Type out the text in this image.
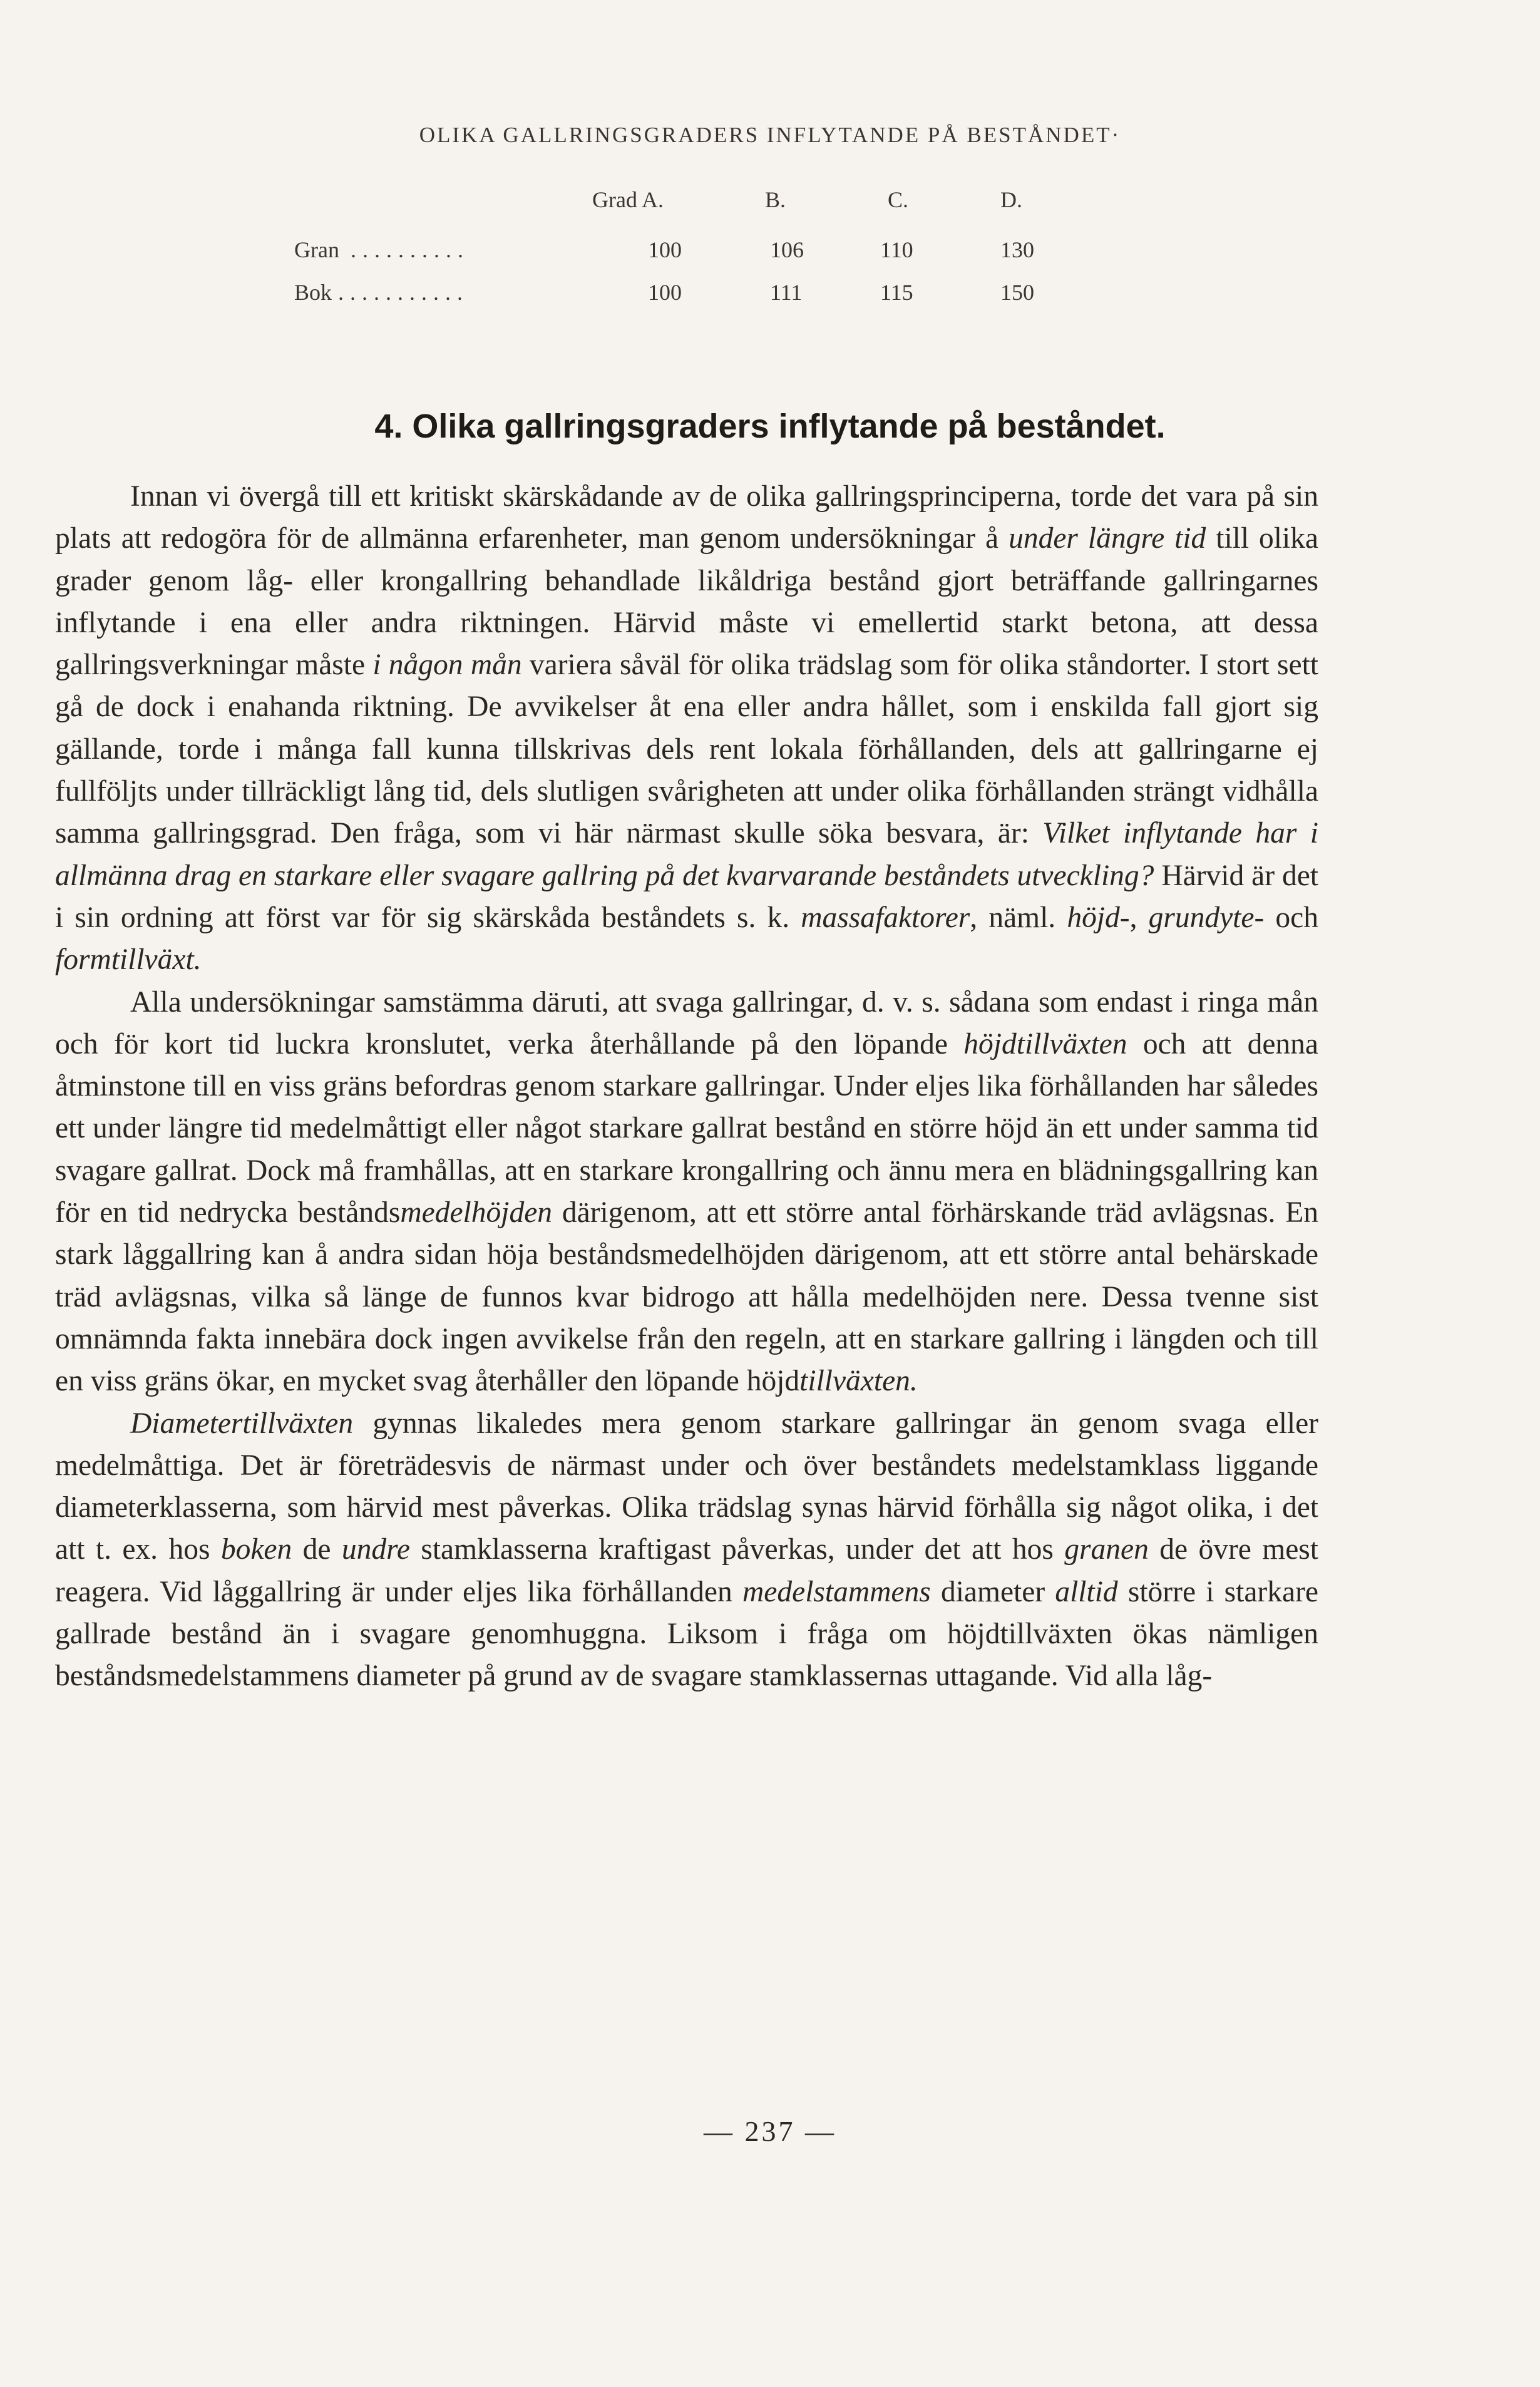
OLIKA GALLRINGSGRADERS INFLYTANDE PÅ BESTÅNDET·
Grad A.	B.	C.	D.
Gran ..........	100	106	110	130
Bok ...........	100	111	115	150
4. Olika gallringsgraders inflytande på beståndet.

Innan vi övergå till ett kritiskt skärskådande av de olika gallringsprinciperna, torde det vara på sin plats att redogöra för de allmänna erfarenheter, man genom undersökningar å under längre tid till olika grader genom låg- eller krongallring behandlade likåldriga bestånd gjort beträffande gallringarnes inflytande i ena eller andra riktningen. Härvid måste vi emellertid starkt betona, att dessa gallringsverkningar måste i någon mån variera såväl för olika trädslag som för olika ståndorter. I stort sett gå de dock i enahanda riktning. De avvikelser åt ena eller andra hållet, som i enskilda fall gjort sig gällande, torde i många fall kunna tillskrivas dels rent lokala förhållanden, dels att gallringarne ej fullföljts under tillräckligt lång tid, dels slutligen svårigheten att under olika förhållanden strängt vidhålla samma gallringsgrad. Den fråga, som vi här närmast skulle söka besvara, är: Vilket inflytande har i allmänna drag en starkare eller svagare gallring på det kvarvarande beståndets utveckling? Härvid är det i sin ordning att först var för sig skärskåda beståndets s. k. massafaktorer, näml. höjd-, grundyte- och formtillväxt.

Alla undersökningar samstämma däruti, att svaga gallringar, d. v. s. sådana som endast i ringa mån och för kort tid luckra kronslutet, verka återhållande på den löpande höjdtillväxten och att denna åtminstone till en viss gräns befordras genom starkare gallringar. Under eljes lika förhållanden har således ett under längre tid medelmåttigt eller något starkare gallrat bestånd en större höjd än ett under samma tid svagare gallrat. Dock må framhållas, att en starkare krongallring och ännu mera en blädningsgallring kan för en tid nedrycka beståndsmedelhöjden därigenom, att ett större antal förhärskande träd avlägsnas. En stark låggallring kan å andra sidan höja beståndsmedelhöjden därigenom, att ett större antal behärskade träd avlägsnas, vilka så länge de funnos kvar bidrogo att hålla medelhöjden nere. Dessa tvenne sist omnämnda fakta innebära dock ingen avvikelse från den regeln, att en starkare gallring i längden och till en viss gräns ökar, en mycket svag återhåller den löpande höjdtillväxten.

Diametertillväxten gynnas likaledes mera genom starkare gallringar än genom svaga eller medelmåttiga. Det är företrädesvis de närmast under och över beståndets medelstamklass liggande diameterklasserna, som härvid mest påverkas. Olika trädslag synas härvid förhålla sig något olika, i det att t. ex. hos boken de undre stamklasserna kraftigast påverkas, under det att hos granen de övre mest reagera. Vid låggallring är under eljes lika förhållanden medelstammens diameter alltid större i starkare gallrade bestånd än i svagare genomhuggna. Liksom i fråga om höjdtillväxten ökas nämligen beståndsmedelstammens diameter på grund av de svagare stamklassernas uttagande. Vid alla låg-

— 237 —
